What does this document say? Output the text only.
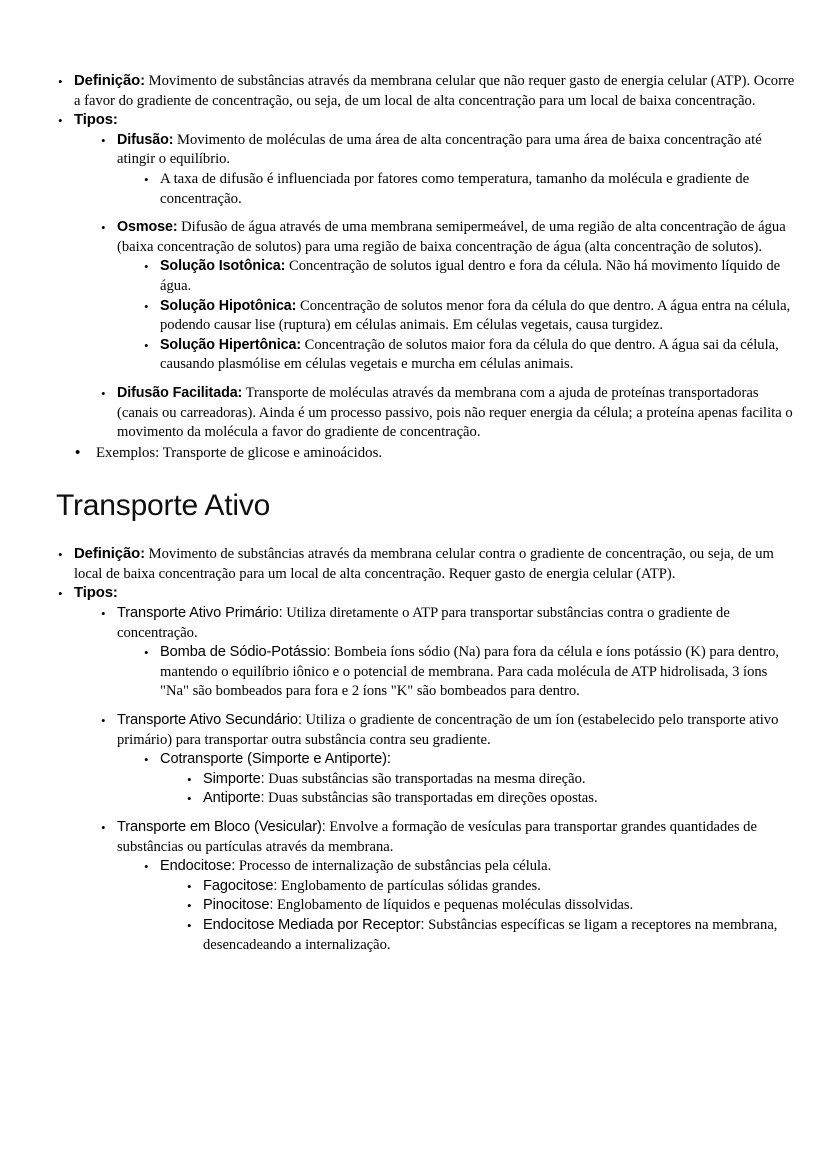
•
Definição: Movimento de substâncias através da membrana celular que não requer gasto de energia celular (ATP). Ocorre a favor do gradiente de concentração, ou seja, de um local de alta concentração para um local de baixa concentração.
•
Tipos:
•
Difusão: Movimento de moléculas de uma área de alta concentração para uma área de baixa concentração até atingir o equilíbrio.
•
A taxa de difusão é influenciada por fatores como temperatura, tamanho da molécula e gradiente de concentração.
•
Osmose: Difusão de água através de uma membrana semipermeável, de uma região de alta concentração de água (baixa concentração de solutos) para uma região de baixa concentração de água (alta concentração de solutos).
•
Solução Isotônica: Concentração de solutos igual dentro e fora da célula. Não há movimento líquido de água.
•
Solução Hipotônica: Concentração de solutos menor fora da célula do que dentro. A água entra na célula, podendo causar lise (ruptura) em células animais. Em células vegetais, causa turgidez.
•
Solução Hipertônica: Concentração de solutos maior fora da célula do que dentro. A água sai da célula, causando plasmólise em células vegetais e murcha em células animais.
•
Difusão Facilitada: Transporte de moléculas através da membrana com a ajuda de proteínas transportadoras (canais ou carreadoras). Ainda é um processo passivo, pois não requer energia da célula; a proteína apenas facilita o movimento da molécula a favor do gradiente de concentração.
•
Exemplos: Transporte de glicose e aminoácidos.
Transporte Ativo
•
Definição: Movimento de substâncias através da membrana celular contra o gradiente de concentração, ou seja, de um local de baixa concentração para um local de alta concentração. Requer gasto de energia celular (ATP).
•
Tipos:
•
Transporte Ativo Primário: Utiliza diretamente o ATP para transportar substâncias contra o gradiente de concentração.
•
Bomba de Sódio-Potássio: Bombeia íons sódio (Na) para fora da célula e íons potássio (K) para dentro, mantendo o equilíbrio iônico e o potencial de membrana. Para cada molécula de ATP hidrolisada, 3 íons "Na" são bombeados para fora e 2 íons "K" são bombeados para dentro.
•
Transporte Ativo Secundário: Utiliza o gradiente de concentração de um íon (estabelecido pelo transporte ativo primário) para transportar outra substância contra seu gradiente.
•
Cotransporte (Simporte e Antiporte):
•
Simporte: Duas substâncias são transportadas na mesma direção.
•
Antiporte: Duas substâncias são transportadas em direções opostas.
•
Transporte em Bloco (Vesicular): Envolve a formação de vesículas para transportar grandes quantidades de substâncias ou partículas através da membrana.
•
Endocitose: Processo de internalização de substâncias pela célula.
•
Fagocitose: Englobamento de partículas sólidas grandes.
•
Pinocitose: Englobamento de líquidos e pequenas moléculas dissolvidas.
•
Endocitose Mediada por Receptor: Substâncias específicas se ligam a receptores na membrana, desencadeando a internalização.
